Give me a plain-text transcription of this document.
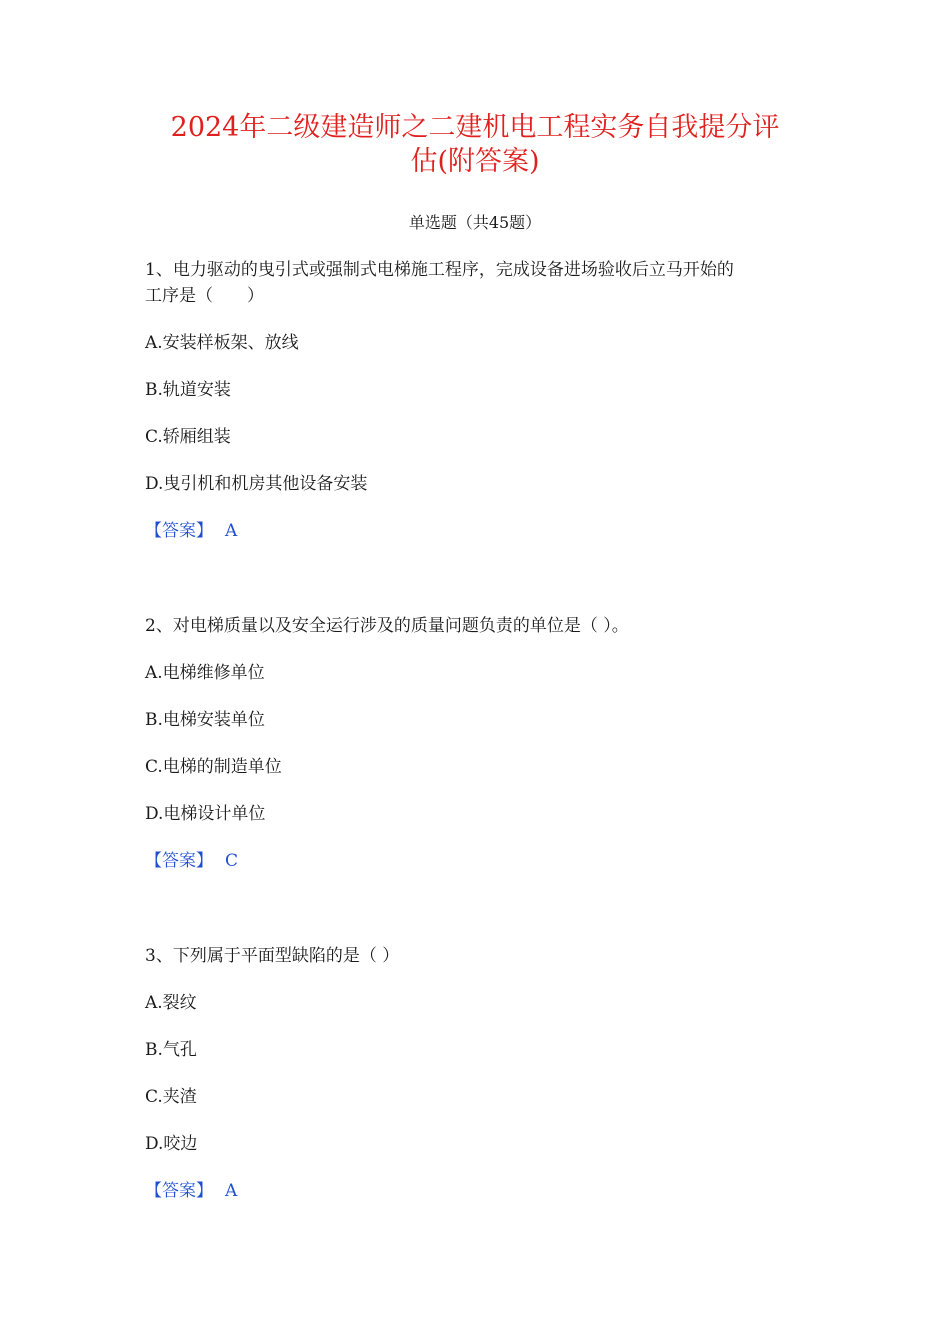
2024年二级建造师之二建机电工程实务自我提分评
估(附答案)
单选题（共45题）
1、电力驱动的曳引式或强制式电梯施工程序，完成设备进场验收后立马开始的
工序是（　　）
A.安装样板架、放线
B.轨道安装
C.轿厢组装
D.曳引机和机房其他设备安装
【答案】 A
2、对电梯质量以及安全运行涉及的质量问题负责的单位是（ ）。
A.电梯维修单位
B.电梯安装单位
C.电梯的制造单位
D.电梯设计单位
【答案】 C
3、下列属于平面型缺陷的是（ ）
A.裂纹
B.气孔
C.夹渣
D.咬边
【答案】 A
